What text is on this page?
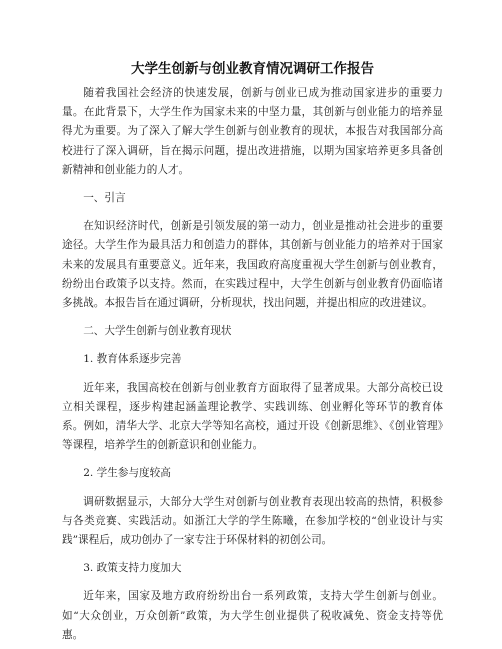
大学生创新与创业教育情况调研工作报告

随着我国社会经济的快速发展，创新与创业已成为推动国家进步的重要力量。在此背景下，大学生作为国家未来的中坚力量，其创新与创业能力的培养显得尤为重要。为了深入了解大学生创新与创业教育的现状，本报告对我国部分高校进行了深入调研，旨在揭示问题，提出改进措施，以期为国家培养更多具备创新精神和创业能力的人才。

一、引言

在知识经济时代，创新是引领发展的第一动力，创业是推动社会进步的重要途径。大学生作为最具活力和创造力的群体，其创新与创业能力的培养对于国家未来的发展具有重要意义。近年来，我国政府高度重视大学生创新与创业教育，纷纷出台政策予以支持。然而，在实践过程中，大学生创新与创业教育仍面临诸多挑战。本报告旨在通过调研，分析现状，找出问题，并提出相应的改进建议。

二、大学生创新与创业教育现状

1. 教育体系逐步完善

近年来，我国高校在创新与创业教育方面取得了显著成果。大部分高校已设立相关课程，逐步构建起涵盖理论教学、实践训练、创业孵化等环节的教育体系。例如，清华大学、北京大学等知名高校，通过开设《创新思维》、《创业管理》等课程，培养学生的创新意识和创业能力。

2. 学生参与度较高

调研数据显示，大部分大学生对创新与创业教育表现出较高的热情，积极参与各类竞赛、实践活动。如浙江大学的学生陈曦，在参加学校的“创业设计与实践”课程后，成功创办了一家专注于环保材料的初创公司。

3. 政策支持力度加大

近年来，国家及地方政府纷纷出台一系列政策，支持大学生创新与创业。如“大众创业，万众创新”政策，为大学生创业提供了税收减免、资金支持等优惠。
